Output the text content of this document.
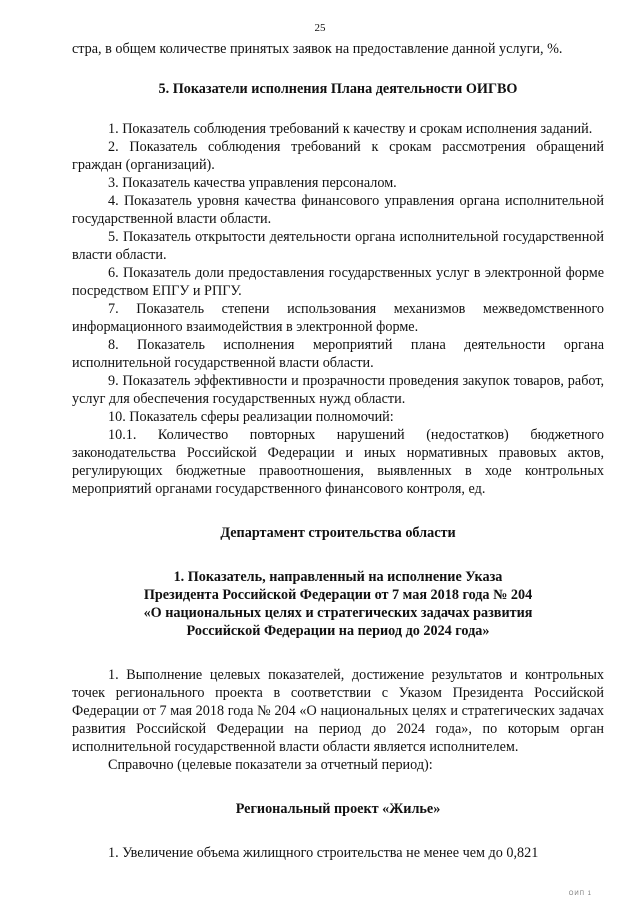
25

стра, в общем количестве принятых заявок на предоставление данной услуги, %.

5. Показатели исполнения Плана деятельности ОИГВО

1. Показатель соблюдения требований к качеству и срокам исполнения заданий.

2. Показатель соблюдения требований к срокам рассмотрения обращений граждан (организаций).

3. Показатель качества управления персоналом.

4. Показатель уровня качества финансового управления органа исполнительной государственной власти области.

5. Показатель открытости деятельности органа исполнительной государственной власти области.

6. Показатель доли предоставления государственных услуг в электронной форме посредством ЕПГУ и РПГУ.

7. Показатель степени использования механизмов межведомственного информационного взаимодействия в электронной форме.

8. Показатель исполнения мероприятий плана деятельности органа исполнительной государственной власти области.

9. Показатель эффективности и прозрачности проведения закупок товаров, работ, услуг для обеспечения государственных нужд области.

10. Показатель сферы реализации полномочий:

10.1. Количество повторных нарушений (недостатков) бюджетного законодательства Российской Федерации и иных нормативных правовых актов, регулирующих бюджетные правоотношения, выявленных в ходе контрольных мероприятий органами государственного финансового контроля, ед.

Департамент строительства области

1. Показатель, направленный на исполнение Указа

Президента Российской Федерации от 7 мая 2018 года № 204

«О национальных целях и стратегических задачах развития

Российской Федерации на период до 2024 года»

1. Выполнение целевых показателей, достижение результатов и контрольных точек регионального проекта в соответствии с Указом Президента Российской Федерации от 7 мая 2018 года № 204 «О национальных целях и стратегических задачах развития Российской Федерации на период до 2024 года», по которым орган исполнительной государственной власти области является исполнителем.

Справочно (целевые показатели за отчетный период):

Региональный проект «Жилье»

1. Увеличение объема жилищного строительства не менее чем до 0,821

ОИП 1
